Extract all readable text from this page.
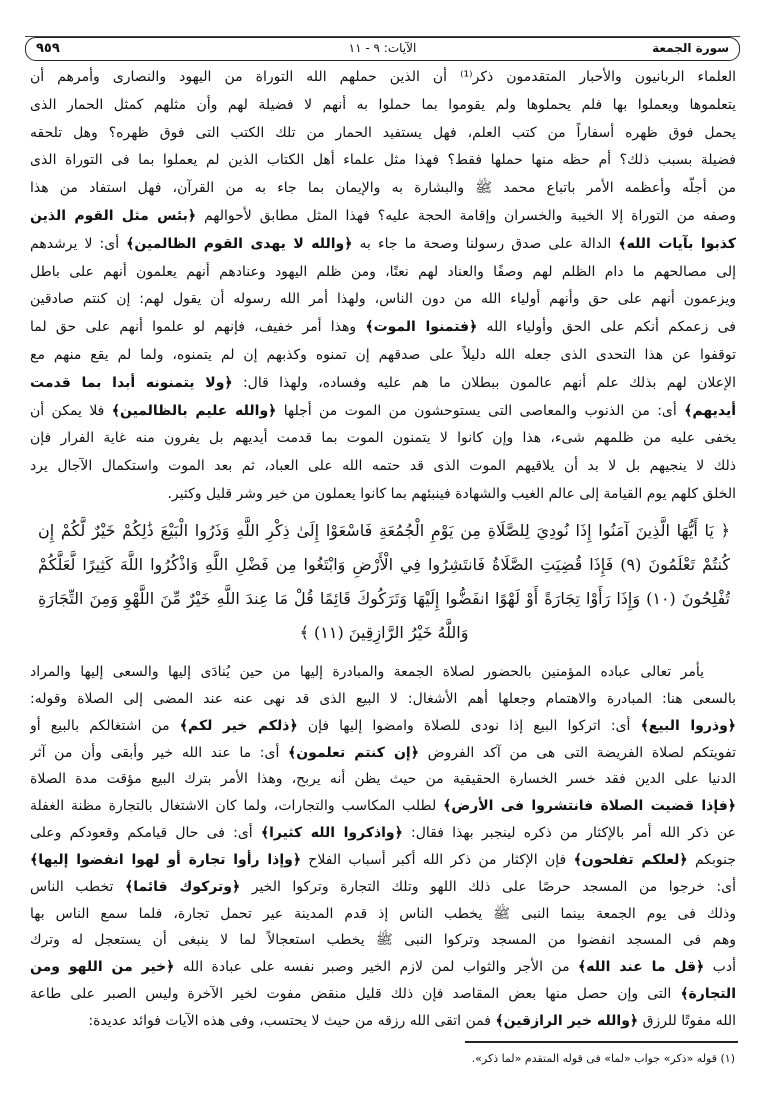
سورة الجمعة
الآيات: ٩ - ١١
٩٥٩
العلماء الربانيون والأحبار المتقدمون ذكر⁽¹⁾ أن الذين حملهم الله التوراة من اليهود والنصارى وأمرهم أن
يتعلموها ويعملوا بها فلم يحملوها ولم يقوموا بما حملوا به أنهم لا فضيلة لهم وأن مثلهم كمثل الحمار الذى
يحمل فوق ظهره أسفاراً من كتب العلم، فهل يستفيد الحمار من تلك الكتب التى فوق ظهره؟ وهل تلحقه
فضيلة بسبب ذلك؟ أم حظه منها حملها فقط؟ فهذا مثل علماء أهل الكتاب الذين لم يعملوا بما فى التوراة الذى
من أجلّه وأعظمه الأمر باتباع محمد ﷺ والبشارة به والإيمان بما جاء به من القرآن، فهل استفاد من هذا
وصفه من التوراة إلا الخيبة والخسران وإقامة الحجة عليه؟ فهذا المثل مطابق لأحوالهم ﴿بئس مثل القوم الذين
كذبوا بآيات الله﴾ الدالة على صدق رسولنا وصحة ما جاء به ﴿والله لا يهدى القوم الظالمين﴾ أى: لا يرشدهم
إلى مصالحهم ما دام الظلم لهم وصفًا والعناد لهم نعتًا، ومن ظلم اليهود وعنادهم أنهم يعلمون أنهم على باطل
ويزعمون أنهم على حق وأنهم أولياء الله من دون الناس، ولهذا أمر الله رسوله أن يقول لهم: إن كنتم صادقين
فى زعمكم أنكم على الحق وأولياء الله ﴿فتمنوا الموت﴾ وهذا أمر خفيف، فإنهم لو علموا أنهم على حق لما
توقفوا عن هذا التحدى الذى جعله الله دليلاً على صدقهم إن تمنوه وكذبهم إن لم يتمنوه، ولما لم يقع منهم مع
الإعلان لهم بذلك علم أنهم عالمون ببطلان ما هم عليه وفساده، ولهذا قال: ﴿ولا يتمنونه أبدا بما قدمت
أيديهم﴾ أى: من الذنوب والمعاصى التى يستوحشون من الموت من أجلها ﴿والله عليم بالظالمين﴾ فلا يمكن أن
يخفى عليه من ظلمهم شىء، هذا وإن كانوا لا يتمنون الموت بما قدمت أيديهم بل يفرون منه غاية الفرار فإن
ذلك لا ينجيهم بل لا بد أن يلاقيهم الموت الذى قد حتمه الله على العباد، ثم بعد الموت واستكمال الآجال يرد
الخلق كلهم يوم القيامة إلى عالم الغيب والشهادة فينبئهم بما كانوا يعملون من خير وشر قليل وكثير.
﴿ يَا أَيُّهَا الَّذِينَ آمَنُوا إِذَا نُودِيَ لِلصَّلَاةِ مِن يَوْمِ الْجُمُعَةِ فَاسْعَوْا إِلَىٰ ذِكْرِ اللَّهِ وَذَرُوا الْبَيْعَ ذَٰلِكُمْ خَيْرٌ لَّكُمْ إِن
كُنتُمْ تَعْلَمُونَ (٩) فَإِذَا قُضِيَتِ الصَّلَاةُ فَانتَشِرُوا فِي الْأَرْضِ وَابْتَغُوا مِن فَضْلِ اللَّهِ وَاذْكُرُوا اللَّهَ كَثِيرًا لَّعَلَّكُمْ
تُفْلِحُونَ (١٠) وَإِذَا رَأَوْا تِجَارَةً أَوْ لَهْوًا انفَضُّوا إِلَيْهَا وَتَرَكُوكَ قَائِمًا قُلْ مَا عِندَ اللَّهِ خَيْرٌ مِّنَ اللَّهْوِ وَمِنَ التِّجَارَةِ
وَاللَّهُ خَيْرُ الرَّازِقِينَ (١١) ﴾
يأمر تعالى عباده المؤمنين بالحضور لصلاة الجمعة والمبادرة إليها من حين يُنادَى إليها والسعى إليها والمراد
بالسعى هنا: المبادرة والاهتمام وجعلها أهم الأشغال: لا البيع الذى قد نهى عنه عند المضى إلى الصلاة وقوله:
﴿وذروا البيع﴾ أى: اتركوا البيع إذا نودى للصلاة وامضوا إليها فإن ﴿ذلكم خير لكم﴾ من اشتغالكم بالبيع أو
تفويتكم لصلاة الفريضة التى هى من آكد الفروض ﴿إن كنتم تعلمون﴾ أى: ما عند الله خير وأبقى وأن من آثر
الدنيا على الدين فقد خسر الخسارة الحقيقية من حيث يظن أنه يربح، وهذا الأمر بترك البيع مؤقت مدة الصلاة
﴿فإذا قضيت الصلاة فانتشروا فى الأرض﴾ لطلب المكاسب والتجارات، ولما كان الاشتغال بالتجارة مظنة الغفلة
عن ذكر الله أمر بالإكثار من ذكره لينجبر بهذا فقال: ﴿واذكروا الله كثيرا﴾ أى: فى حال قيامكم وقعودكم وعلى
جنوبكم ﴿لعلكم تفلحون﴾ فإن الإكثار من ذكر الله أكبر أسباب الفلاح ﴿وإذا رأوا تجارة أو لهوا انفضوا إليها﴾
أى: خرجوا من المسجد حرصًا على ذلك اللهو وتلك التجارة وتركوا الخير ﴿وتركوك قائما﴾ تخطب الناس
وذلك فى يوم الجمعة بينما النبى ﷺ يخطب الناس إذ قدم المدينة عير تحمل تجارة، فلما سمع الناس بها
وهم فى المسجد انفضوا من المسجد وتركوا النبى ﷺ يخطب استعجالاً لما لا ينبغى أن يستعجل له وترك
أدب ﴿قل ما عند الله﴾ من الأجر والثواب لمن لازم الخير وصبر نفسه على عبادة الله ﴿خير من اللهو ومن
التجارة﴾ التى وإن حصل منها بعض المقاصد فإن ذلك قليل منقض مفوت لخير الآخرة وليس الصبر على طاعة
الله مفوتًا للرزق ﴿والله خير الرازقين﴾ فمن اتقى الله رزقه من حيث لا يحتسب، وفى هذه الآيات فوائد عديدة:
(١) قوله «ذكر» جواب «لما» فى قوله المتقدم «لما ذكر».
